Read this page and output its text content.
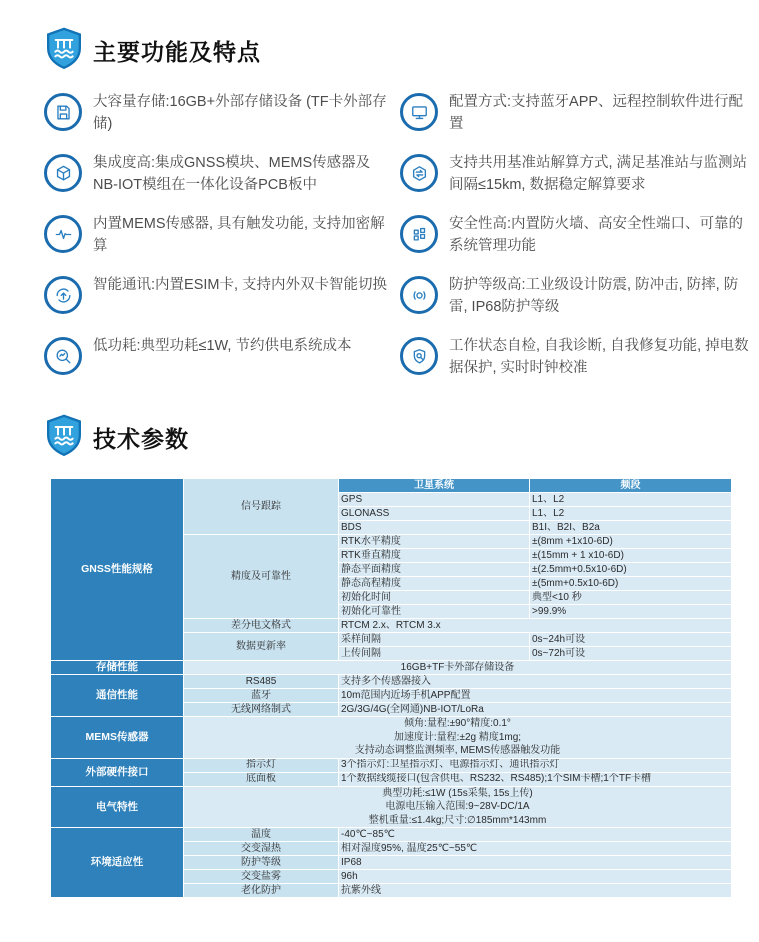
主要功能及特点

大容量存储:16GB+外部存储设备 (TF卡外部存储)

配置方式:支持蓝牙APP、远程控制软件进行配置

集成度高:集成GNSS模块、MEMS传感器及NB-IOT模组在一体化设备PCB板中

支持共用基准站解算方式, 满足基准站与监测站间隔≤15km, 数据稳定解算要求

内置MEMS传感器, 具有触发功能, 支持加密解算

安全性高:内置防火墙、高安全性端口、可靠的系统管理功能

智能通讯:内置ESIM卡, 支持内外双卡智能切换	防护等级高:工业级设计防震, 防冲击, 防摔, 防雷, IP68防护等级

低功耗:典型功耗≤1W, 节约供电系统成本	工作状态自检, 自我诊断, 自我修复功能, 掉电数据保护, 实时时钟校准

技术参数
GNSS性能规格	信号跟踪	卫星系统	频段
		GPS	L1、L2
		GLONASS	L1、L2
		BDS	B1I、B2I、B2a
	精度及可靠性	RTK水平精度	±(8mm +1x10-6D)
		RTK垂直精度	±(15mm + 1 x10-6D)
		静态平面精度	±(2.5mm+0.5x10-6D)
		静态高程精度	±(5mm+0.5x10-6D)
		初始化时间	典型<10 秒
		初始化可靠性	>99.9%
	差分电文格式	RTCM 2.x、RTCM 3.x	
	数据更新率	采样间隔	0s~24h可设
		上传间隔	0s~72h可设
存储性能	16GB+TF卡外部存储设备		
通信性能	RS485	支持多个传感器接入	
	蓝牙	10m范围内近场手机APP配置	
	无线网络制式	2G/3G/4G(全网通)NB-IOT/LoRa	
MEMS传感器	倾角:量程:±90°精度:0.1°
加速度计:量程:±2g 精度1mg;
支持动态调整监测频率, MEMS传感器触发功能		

外部硬件接口	指示灯	3个指示灯:卫星指示灯、电源指示灯、通讯指示灯	
	底面板	1个数据线缆接口(包含供电、RS232、RS485);1个SIM卡槽;1个TF卡槽	
电气特性	典型功耗:≤1W (15s采集, 15s上传)
电源电压输入范围:9~28V-DC/1A
整机重量:≤1.4kg;尺寸:∅185mm*143mm		

环境适应性	温度	-40℃~85℃	
	交变湿热	相对湿度95%, 温度25℃~55℃	
	防护等级	IP68	
	交变盐雾	96h	
	老化防护	抗紫外线	
